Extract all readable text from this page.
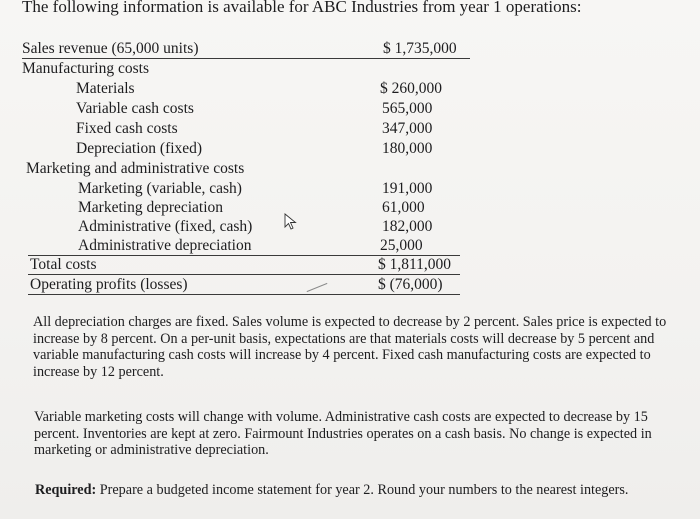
The following information is available for ABC Industries from year 1 operations:
Sales revenue (65,000 units)	$ 1,735,000
Manufacturing costs
Materials	$ 260,000
Variable cash costs	565,000
Fixed cash costs	347,000
Depreciation (fixed)	180,000
Marketing and administrative costs
Marketing (variable, cash)	191,000
Marketing depreciation	61,000
Administrative (fixed, cash)	182,000
Administrative depreciation	25,000
Total costs	$ 1,811,000
Operating profits (losses)	$ (76,000)
All depreciation charges are fixed. Sales volume is expected to decrease by 2 percent. Sales price is expected to increase by 8 percent. On a per-unit basis, expectations are that materials costs will decrease by 5 percent and variable manufacturing cash costs will increase by 4 percent. Fixed cash manufacturing costs are expected to increase by 12 percent.
Variable marketing costs will change with volume. Administrative cash costs are expected to decrease by 15 percent. Inventories are kept at zero. Fairmount Industries operates on a cash basis. No change is expected in marketing or administrative depreciation.
Required: Prepare a budgeted income statement for year 2. Round your numbers to the nearest integers.
